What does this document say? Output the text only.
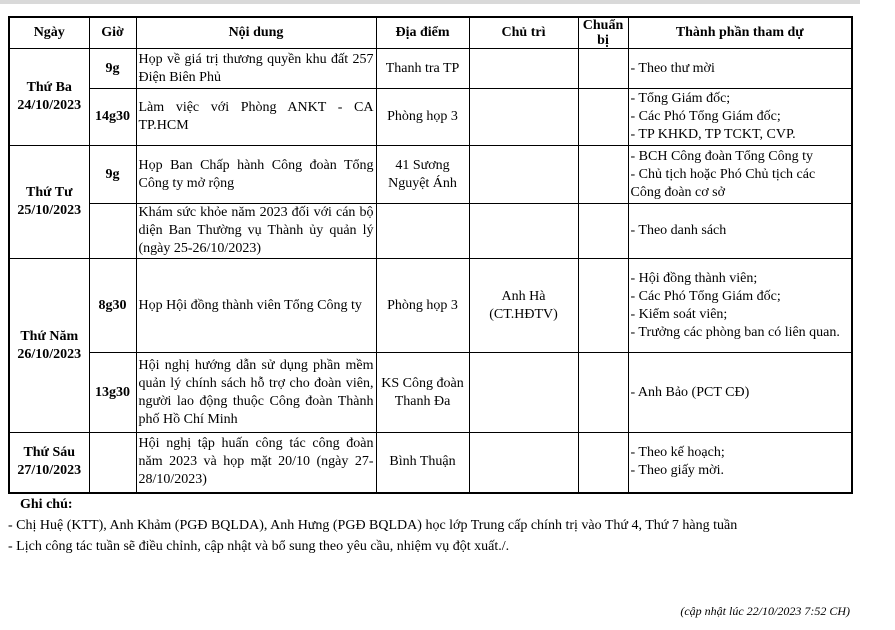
Ngày	Giờ	Nội dung	Địa điểm	Chủ trì	Chuẩn bị	Thành phần tham dự

Thứ Ba
24/10/2023	9g	Họp về giá trị thương quyền khu đất 257 Điện Biên Phủ	Thanh tra TP			- Theo thư mời

	14g30	Làm việc với Phòng ANKT - CA TP.HCM	Phòng họp 3			- Tổng Giám đốc;
- Các Phó Tổng Giám đốc;
- TP KHKD, TP TCKT, CVP.

Thứ Tư
25/10/2023	9g	Họp Ban Chấp hành Công đoàn Tổng Công ty mở rộng	41 Sương Nguyệt Ánh			- BCH Công đoàn Tổng Công ty
- Chủ tịch hoặc Phó Chủ tịch các Công đoàn cơ sở

		Khám sức khỏe năm 2023 đối với cán bộ diện Ban Thường vụ Thành ủy quản lý (ngày 25-26/10/2023)				- Theo danh sách

Thứ Năm
26/10/2023	8g30	Họp Hội đồng thành viên Tổng Công ty	Phòng họp 3	Anh Hà (CT.HĐTV)		- Hội đồng thành viên;
- Các Phó Tổng Giám đốc;
- Kiểm soát viên;
- Trưởng các phòng ban có liên quan.

	13g30	Hội nghị hướng dẫn sử dụng phần mềm quản lý chính sách hỗ trợ cho đoàn viên, người lao động thuộc Công đoàn Thành phố Hồ Chí Minh	KS Công đoàn Thanh Đa			- Anh Bảo (PCT CĐ)

Thứ Sáu
27/10/2023		Hội nghị tập huấn công tác công đoàn năm 2023 và họp mặt 20/10 (ngày 27-28/10/2023)	Bình Thuận			- Theo kế hoạch;
- Theo giấy mời.
Ghi chú:
- Chị Huệ (KTT), Anh Khảm (PGĐ BQLDA), Anh Hưng (PGĐ BQLDA) học lớp Trung cấp chính trị vào Thứ 4, Thứ 7 hàng tuần
- Lịch công tác tuần sẽ điều chỉnh, cập nhật và bổ sung theo yêu cầu, nhiệm vụ đột xuất./.
(cập nhật lúc 22/10/2023 7:52 CH)
